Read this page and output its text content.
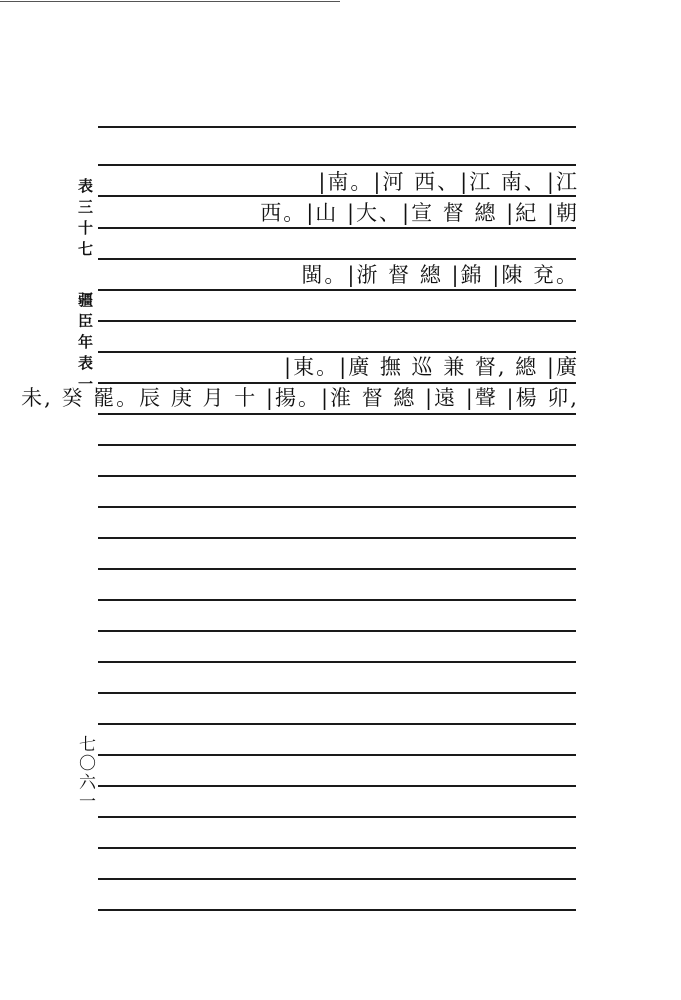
表三十七
疆臣年表一
七〇六一
|南。|河 西、|江 南、|江
西。|山 |大、|宣 督 總 |紀 |朝
閩。|浙 督 總 |錦 |陳 兗。
|東。|廣 撫 巡 兼 督, 總 |廣
未, 癸 罷。辰 庚 月 十 |揚。|淮 督 總 |遠 |聲 |楊 卯,
